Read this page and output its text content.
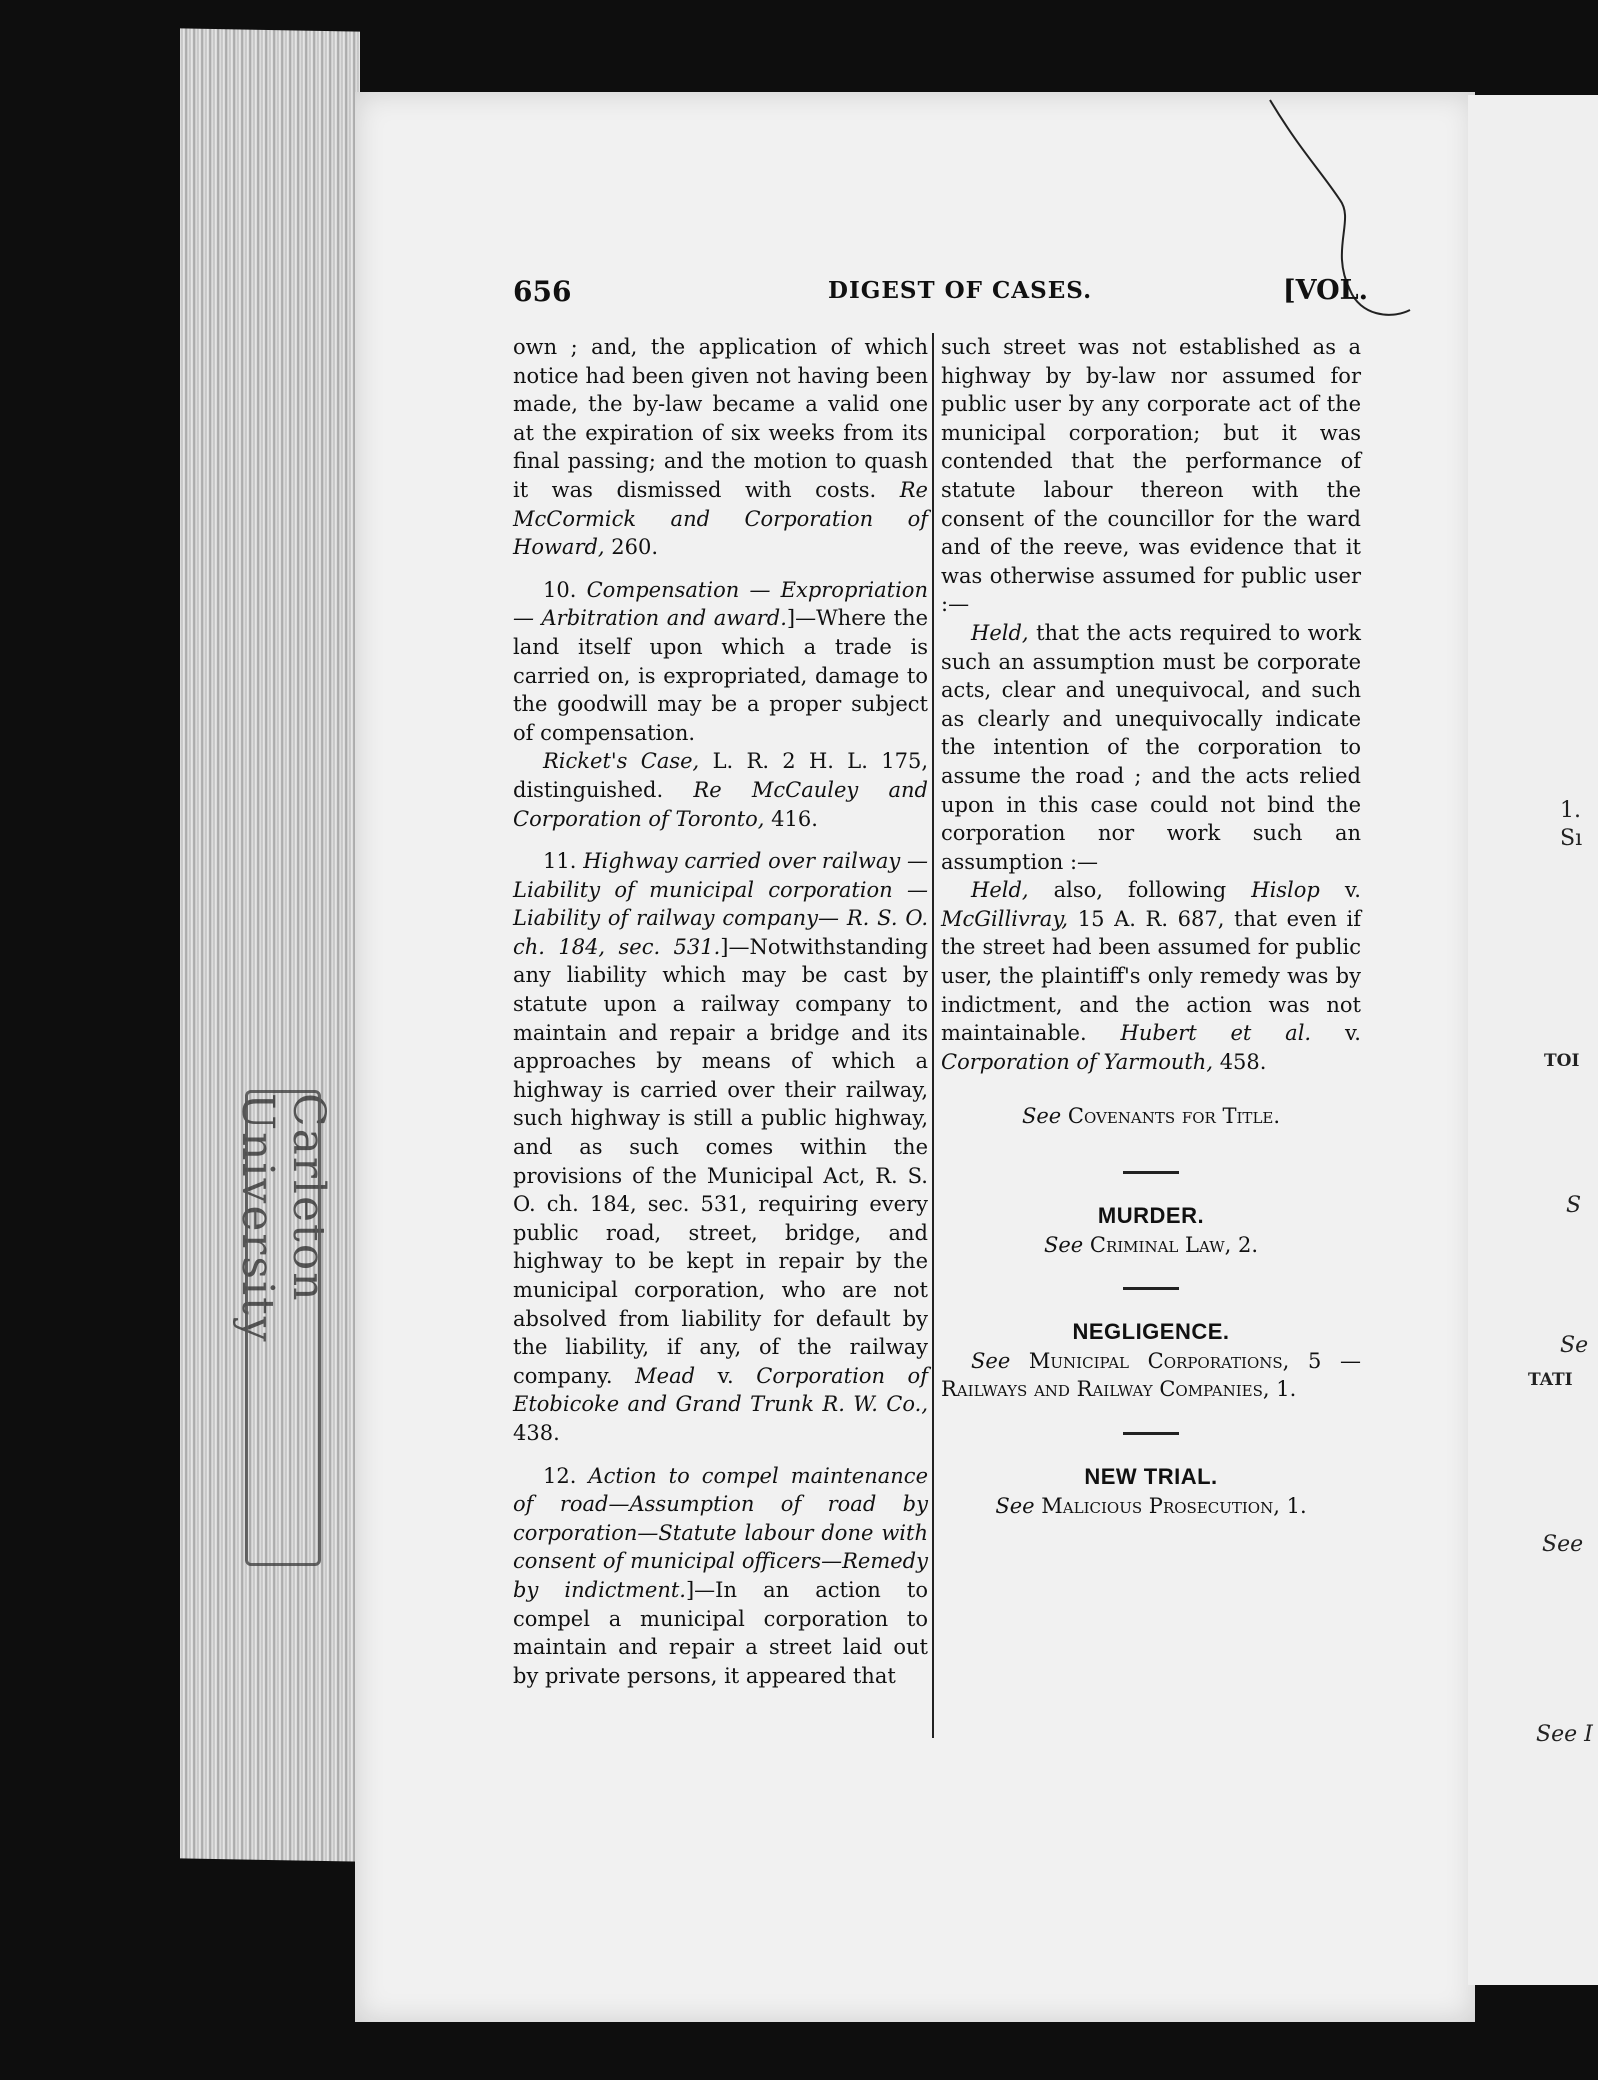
Carleton University
1.
Sı
TOI
S
Se
TATI
See
See I
656	DIGEST OF CASES.	[VOL.

own ; and, the application of which notice had been given not having been made, the by-law became a valid one at the expiration of six weeks from its final passing; and the motion to quash it was dismissed with costs. Re McCormick and Corporation of Howard, 260.

10. Compensation — Expropriation — Arbitration and award.]—Where the land itself upon which a trade is carried on, is expropriated, damage to the goodwill may be a proper subject of compensation.

Ricket's Case, L. R. 2 H. L. 175, distinguished. Re McCauley and Corporation of Toronto, 416.

11. Highway carried over railway —Liability of municipal corporation —Liability of railway company— R. S. O. ch. 184, sec. 531.]—Notwithstanding any liability which may be cast by statute upon a railway company to maintain and repair a bridge and its approaches by means of which a highway is carried over their railway, such highway is still a public highway, and as such comes within the provisions of the Municipal Act, R. S. O. ch. 184, sec. 531, requiring every public road, street, bridge, and highway to be kept in repair by the municipal corporation, who are not absolved from liability for default by the liability, if any, of the railway company. Mead v. Corporation of Etobicoke and Grand Trunk R. W. Co., 438.

12. Action to compel maintenance of road—Assumption of road by corporation—Statute labour done with consent of municipal officers—Remedy by indictment.]—In an action to compel a municipal corporation to maintain and repair a street laid out by private persons, it appeared that

such street was not established as a highway by by-law nor assumed for public user by any corporate act of the municipal corporation; but it was contended that the performance of statute labour thereon with the consent of the councillor for the ward and of the reeve, was evidence that it was otherwise assumed for public user :—

Held, that the acts required to work such an assumption must be corporate acts, clear and unequivocal, and such as clearly and unequivocally indicate the intention of the corporation to assume the road ; and the acts relied upon in this case could not bind the corporation nor work such an assumption :—

Held, also, following Hislop v. McGillivray, 15 A. R. 687, that even if the street had been assumed for public user, the plaintiff's only remedy was by indictment, and the action was not maintainable. Hubert et al. v. Corporation of Yarmouth, 458.

See Covenants for Title.

MURDER.

See Criminal Law, 2.

NEGLIGENCE.

See Municipal Corporations, 5 —Railways and Railway Companies, 1.

NEW TRIAL.

See Malicious Prosecution, 1.
